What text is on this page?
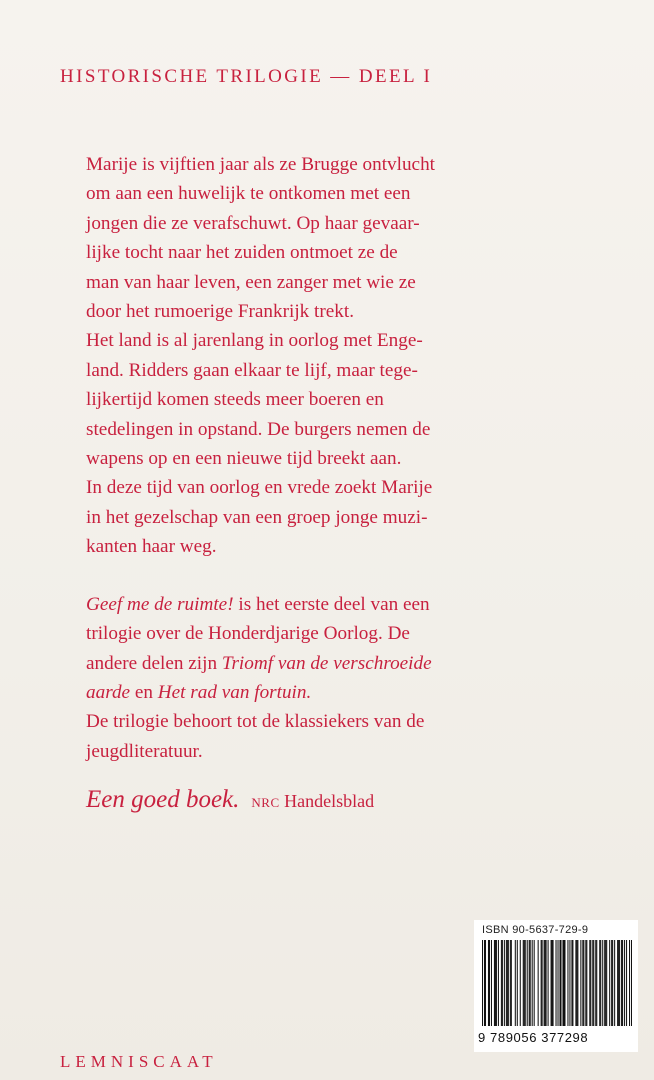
HISTORISCHE TRILOGIE — DEEL I

Marije is vijftien jaar als ze Brugge ontvlucht

om aan een huwelijk te ontkomen met een

jongen die ze verafschuwt. Op haar gevaar-

lijke tocht naar het zuiden ontmoet ze de

man van haar leven, een zanger met wie ze

door het rumoerige Frankrijk trekt.

Het land is al jarenlang in oorlog met Enge-

land. Ridders gaan elkaar te lijf, maar tege-

lijkertijd komen steeds meer boeren en

stedelingen in opstand. De burgers nemen de

wapens op en een nieuwe tijd breekt aan.

In deze tijd van oorlog en vrede zoekt Marije

in het gezelschap van een groep jonge muzi-

kanten haar weg.

Geef me de ruimte! is het eerste deel van een

trilogie over de Honderdjarige Oorlog. De

andere delen zijn Triomf van de verschroeide

aarde en Het rad van fortuin.

De trilogie behoort tot de klassiekers van de

jeugdliteratuur.

Een goed boek. NRC Handelsblad
LEMNISCAAT
ISBN 90-5637-729-9
9 789056 377298
